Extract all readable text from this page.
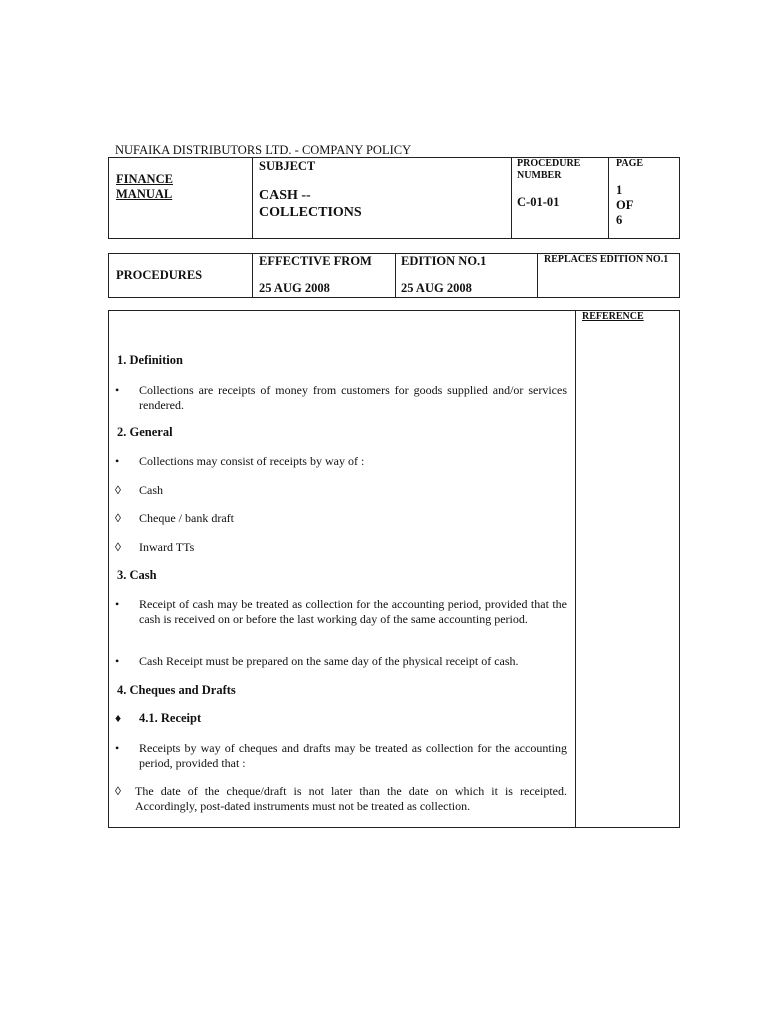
NUFAIKA DISTRIBUTORS LTD. - COMPANY POLICY
FINANCE
MANUAL
SUBJECT
CASH --
COLLECTIONS
PROCEDURE
NUMBER
C-01-01
PAGE
1
OF
6
PROCEDURES
EFFECTIVE FROM
25 AUG 2008
EDITION NO.1
25 AUG 2008
REPLACES EDITION NO.1
REFERENCE
1. Definition
• Collections are receipts of money from customers for goods supplied and/or services rendered.
2. General
• Collections may consist of receipts by way of :
◊ Cash
◊ Cheque / bank draft
◊ Inward TTs
3. Cash
• Receipt of cash may be treated as collection for the accounting period, provided that the cash is received on or before the last working day of the same accounting period.
• Cash Receipt must be prepared on the same day of the physical receipt of cash.
4. Cheques and Drafts
♦ 4.1. Receipt
• Receipts by way of cheques and drafts may be treated as collection for the accounting period, provided that :
◊ The date of the cheque/draft is not later than the date on which it is receipted. Accordingly, post-dated instruments must not be treated as collection.
